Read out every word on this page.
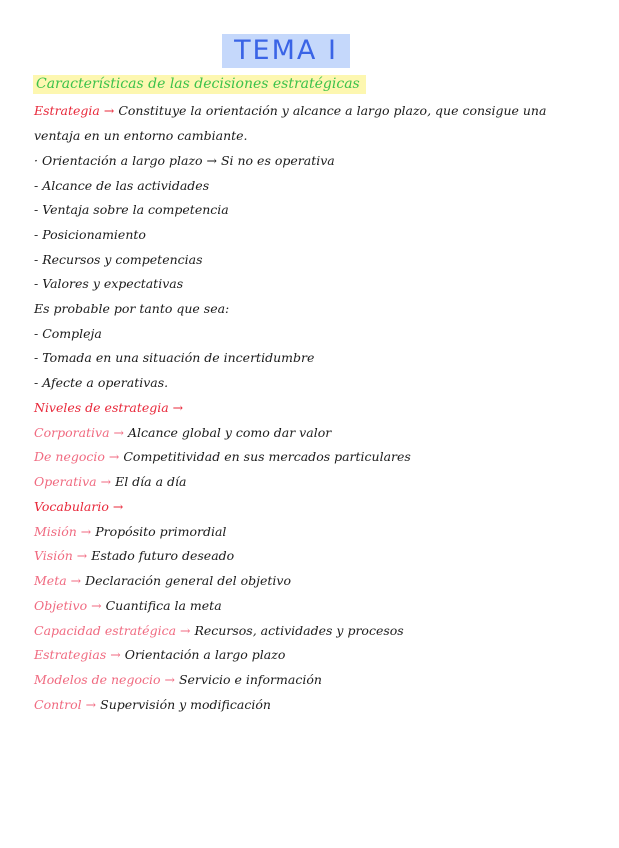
TEMA I
Características de las decisiones estratégicas
Estrategia → Constituye la orientación y alcance a largo plazo, que consigue una
ventaja en un entorno cambiante.
· Orientación a largo plazo → Si no es operativa
- Alcance de las actividades
- Ventaja sobre la competencia
- Posicionamiento
- Recursos y competencias
- Valores y expectativas
Es probable por tanto que sea:
- Compleja
- Tomada en una situación de incertidumbre
- Afecte a operativas.
Niveles de estrategia →
Corporativa → Alcance global y como dar valor
De negocio → Competitividad en sus mercados particulares
Operativa → El día a día
Vocabulario →
Misión → Propósito primordial
Visión → Estado futuro deseado
Meta → Declaración general del objetivo
Objetivo → Cuantifica la meta
Capacidad estratégica → Recursos, actividades y procesos
Estrategias → Orientación a largo plazo
Modelos de negocio → Servicio e información
Control → Supervisión y modificación
